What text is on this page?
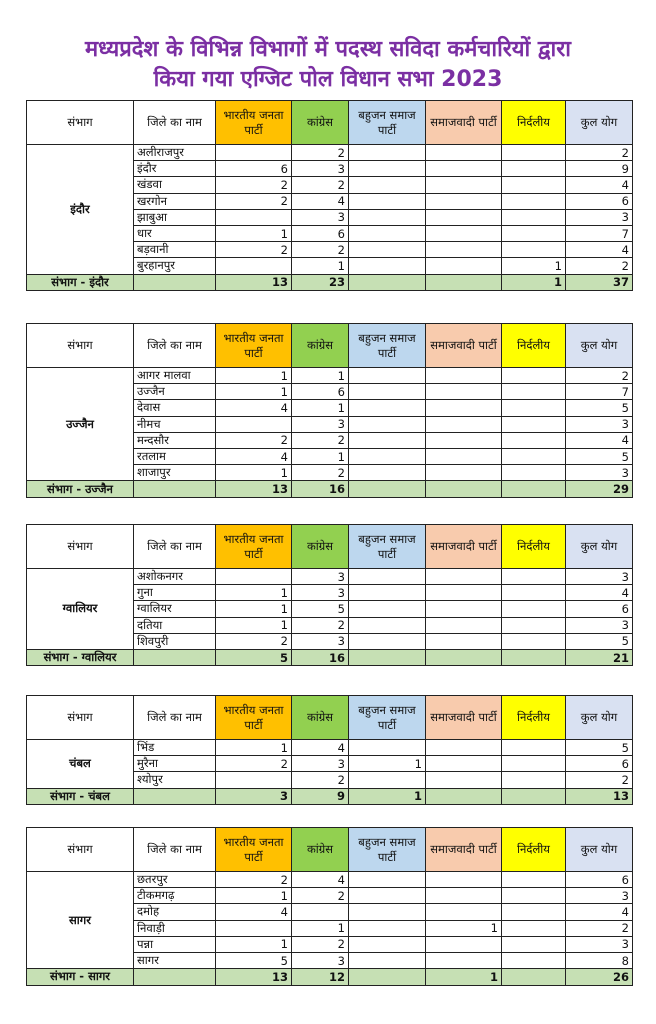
मध्यप्रदेश के विभिन्न विभागों में पदस्थ सविदा कर्मचारियों द्वारा
किया गया एग्जिट पोल विधान सभा 2023
संभाग	जिले का नाम	भारतीय जनता पार्टी	कांग्रेस	बहुजन समाज पार्टी	समाजवादी पार्टी	निर्दलीय	कुल योग
इंदौर	अलीराजपुर		2				2
	इंदौर	6	3				9
	खंडवा	2	2				4
	खरगोन	2	4				6
	झाबुआ		3				3
	धार	1	6				7
	बड़वानी	2	2				4
	बुरहानपुर		1			1	2
संभाग - इंदौर		13	23			1	37
संभाग	जिले का नाम	भारतीय जनता पार्टी	कांग्रेस	बहुजन समाज पार्टी	समाजवादी पार्टी	निर्दलीय	कुल योग
उज्जैन	आगर मालवा	1	1				2
	उज्जैन	1	6				7
	देवास	4	1				5
	नीमच		3				3
	मन्दसौर	2	2				4
	रतलाम	4	1				5
	शाजापुर	1	2				3
संभाग - उज्जैन		13	16				29
संभाग	जिले का नाम	भारतीय जनता पार्टी	कांग्रेस	बहुजन समाज पार्टी	समाजवादी पार्टी	निर्दलीय	कुल योग
ग्वालियर	अशोकनगर		3				3
	गुना	1	3				4
	ग्वालियर	1	5				6
	दतिया	1	2				3
	शिवपुरी	2	3				5
संभाग - ग्वालियर		5	16				21
संभाग	जिले का नाम	भारतीय जनता पार्टी	कांग्रेस	बहुजन समाज पार्टी	समाजवादी पार्टी	निर्दलीय	कुल योग
चंबल	भिंड	1	4				5
	मुरैना	2	3	1			6
	श्योपुर		2				2
संभाग - चंबल		3	9	1			13
संभाग	जिले का नाम	भारतीय जनता पार्टी	कांग्रेस	बहुजन समाज पार्टी	समाजवादी पार्टी	निर्दलीय	कुल योग
सागर	छतरपुर	2	4				6
	टीकमगढ़	1	2				3
	दमोह	4					4
	निवाड़ी		1		1		2
	पन्ना	1	2				3
	सागर	5	3				8
संभाग - सागर		13	12		1		26
